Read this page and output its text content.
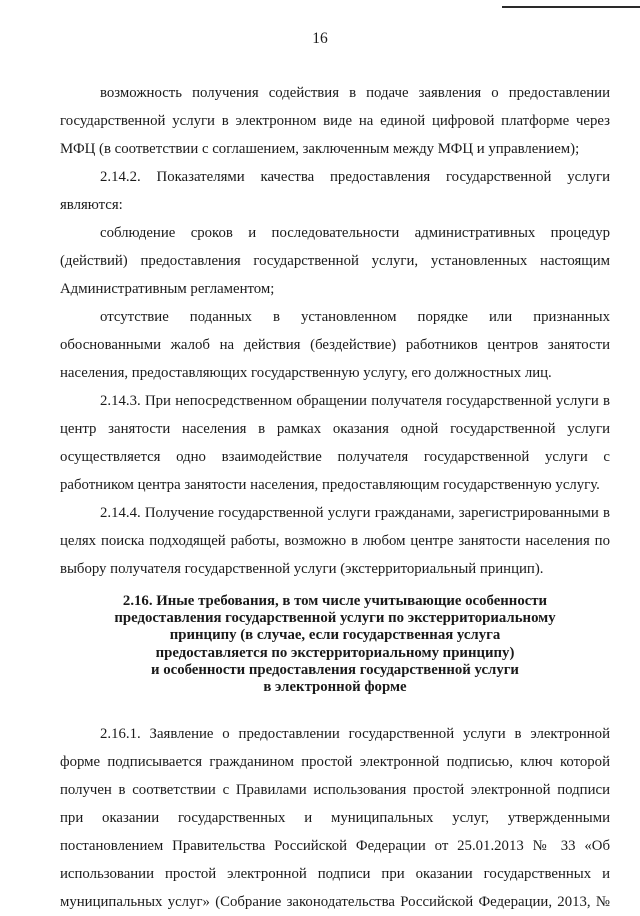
16

возможность получения содействия в подаче заявления о предоставлении государственной услуги в электронном виде на единой цифровой платформе через МФЦ (в соответствии с соглашением, заключенным между МФЦ и управлением);

2.14.2. Показателями качества предоставления государственной услуги являются:

соблюдение сроков и последовательности административных процедур (действий) предоставления государственной услуги, установленных настоящим Административным регламентом;

отсутствие поданных в установленном порядке или признанных обоснованными жалоб на действия (бездействие) работников центров занятости населения, предоставляющих государственную услугу, его должностных лиц.

2.14.3. При непосредственном обращении получателя государственной услуги в центр занятости населения в рамках оказания одной государственной услуги осуществляется одно взаимодействие получателя государственной услуги с работником центра занятости населения, предоставляющим государственную услугу.

2.14.4. Получение государственной услуги гражданами, зарегистрированными в целях поиска подходящей работы, возможно в любом центре занятости населения по выбору получателя государственной услуги (экстерриториальный принцип).

2.16. Иные требования, в том числе учитывающие особенности
предоставления государственной услуги по экстерриториальному
принципу (в случае, если государственная услуга
предоставляется по экстерриториальному принципу)
и особенности предоставления государственной услуги
в электронной форме

2.16.1. Заявление о предоставлении государственной услуги в электронной форме подписывается гражданином простой электронной подписью, ключ которой получен в соответствии с Правилами использования простой электронной подписи при оказании государственных и муниципальных услуг, утвержденными постановлением Правительства Российской Федерации от 25.01.2013 № 33 «Об использовании простой электронной подписи при оказании государственных и муниципальных услуг» (Собрание законодательства Российской Федерации, 2013, №
